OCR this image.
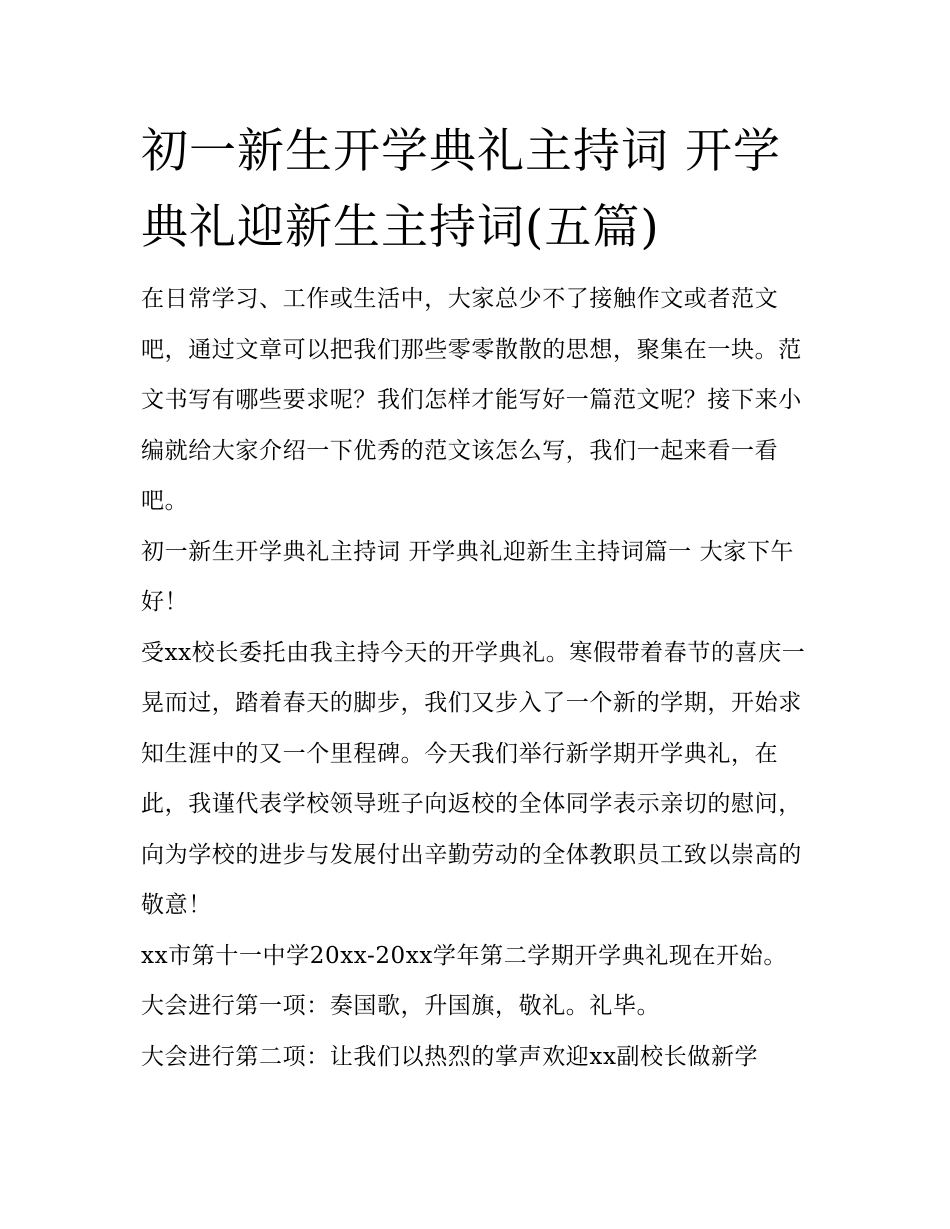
初一新生开学典礼主持词 开学典礼迎新生主持词(五篇)

在日常学习、工作或生活中，大家总少不了接触作文或者范文吧，通过文章可以把我们那些零零散散的思想，聚集在一块。范文书写有哪些要求呢？我们怎样才能写好一篇范文呢？接下来小编就给大家介绍一下优秀的范文该怎么写，我们一起来看一看吧。

初一新生开学典礼主持词 开学典礼迎新生主持词篇一 大家下午好！

受xx校长委托由我主持今天的开学典礼。寒假带着春节的喜庆一晃而过，踏着春天的脚步，我们又步入了一个新的学期，开始求知生涯中的又一个里程碑。今天我们举行新学期开学典礼，在此，我谨代表学校领导班子向返校的全体同学表示亲切的慰问，向为学校的进步与发展付出辛勤劳动的全体教职员工致以崇高的敬意！

xx市第十一中学20xx-20xx学年第二学期开学典礼现在开始。

大会进行第一项：奏国歌，升国旗，敬礼。礼毕。

大会进行第二项：让我们以热烈的掌声欢迎xx副校长做新学
